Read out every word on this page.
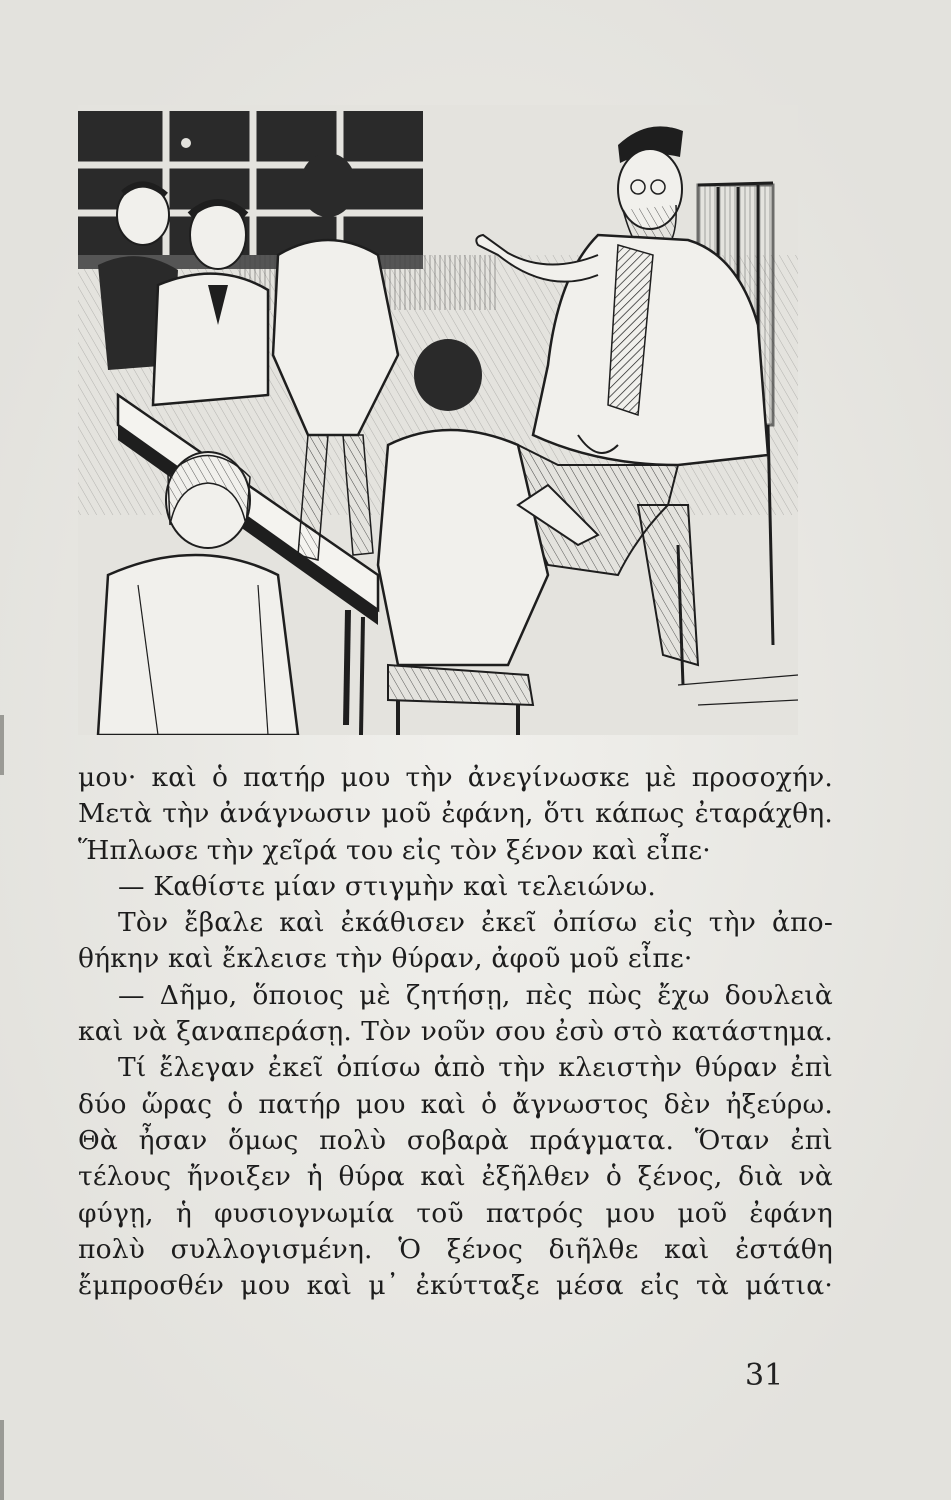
μου· καὶ ὁ πατήρ μου τὴν ἀνεγίνωσκε μὲ προσοχήν.
Μετὰ τὴν ἀνάγνωσιν μοῦ ἐφάνη, ὅτι κάπως ἐταράχθη.
Ἥπλωσε τὴν χεῖρά του εἰς τὸν ξένον καὶ εἶπε·
— Καθίστε μίαν στιγμὴν καὶ τελειώνω.
Τὸν ἔβαλε καὶ ἐκάθισεν ἐκεῖ ὀπίσω εἰς τὴν ἀπο-
θήκην καὶ ἔκλεισε τὴν θύραν, ἀφοῦ μοῦ εἶπε·
— Δῆμο, ὅποιος μὲ ζητήσῃ, πὲς πὼς ἔχω δουλειὰ
καὶ νὰ ξαναπεράσῃ. Τὸν νοῦν σου ἐσὺ στὸ κατάστημα.
Τί ἔλεγαν ἐκεῖ ὀπίσω ἀπὸ τὴν κλειστὴν θύραν ἐπὶ
δύο ὥρας ὁ πατήρ μου καὶ ὁ ἄγνωστος δὲν ἠξεύρω.
Θὰ ἦσαν ὅμως πολὺ σοβαρὰ πράγματα. Ὅταν ἐπὶ
τέλους ἤνοιξεν ἡ θύρα καὶ ἐξῆλθεν ὁ ξένος, διὰ νὰ
φύγῃ, ἡ φυσιογνωμία τοῦ πατρός μου μοῦ ἐφάνη
πολὺ συλλογισμένη. Ὁ ξένος διῆλθε καὶ ἐστάθη
ἔμπροσθέν μου καὶ μ᾽ ἐκύτταξε μέσα εἰς τὰ μάτια·
31
